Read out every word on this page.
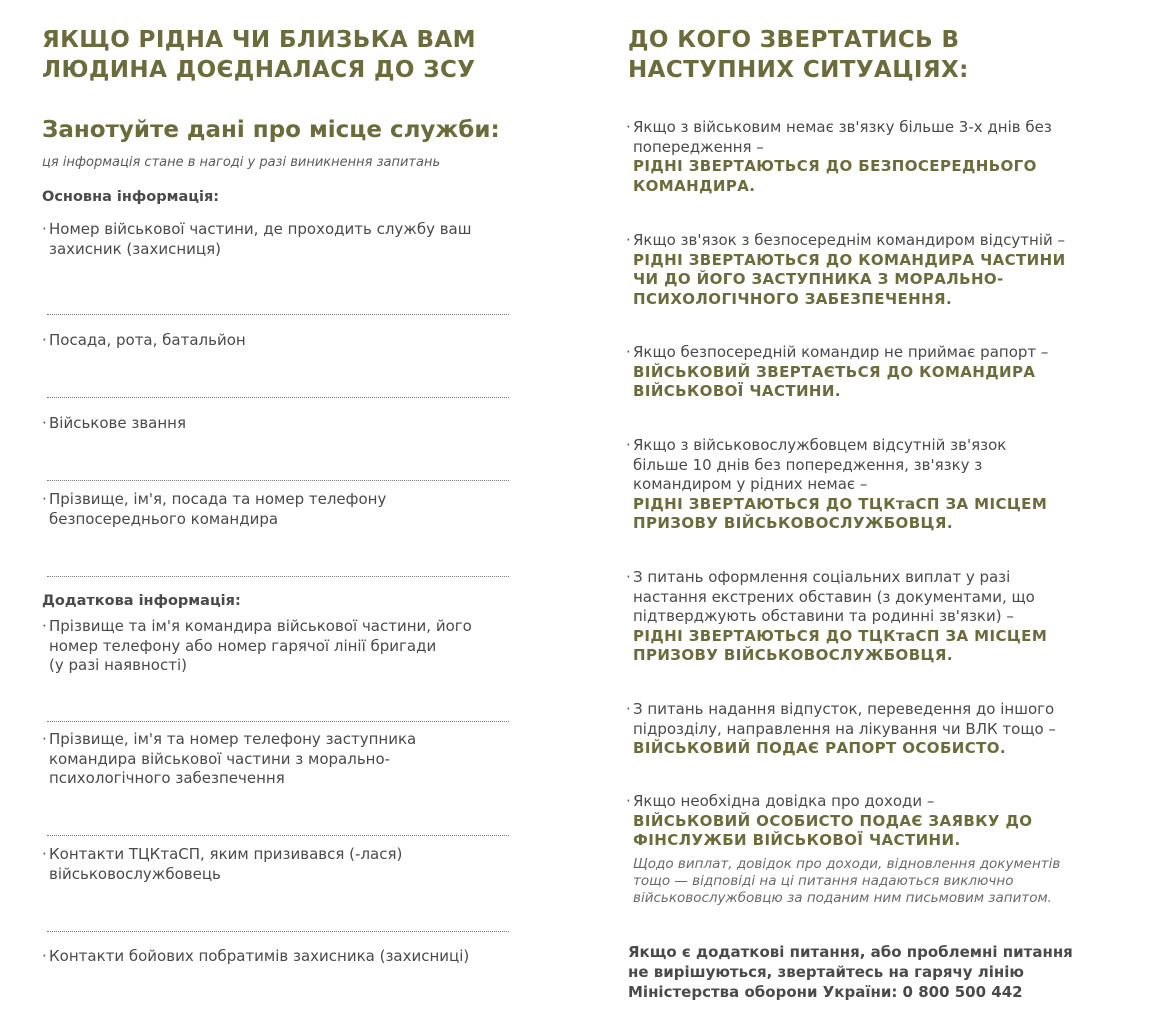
ЯКЩО РІДНА ЧИ БЛИЗЬКА ВАМ
ЛЮДИНА ДОЄДНАЛАСЯ ДО ЗСУ
Занотуйте дані про місце служби:

ця інформація стане в нагоді у разі виникнення запитань

Основна інформація:

· Номер військової частини, де проходить службу ваш
захисник (захисниця)

· Посада, рота, батальйон

· Військове звання

· Прізвище, ім'я, посада та номер телефону
безпосереднього командира

Додаткова інформація:

· Прізвище та ім'я командира військової частини, його
номер телефону або номер гарячої лінії бригади
(у разі наявності)

· Прізвище, ім'я та номер телефону заступника
командира військової частини з морально-
психологічного забезпечення

· Контакти ТЦКтаСП, яким призивався (-лася)
військовослужбовець

· Контакти бойових побратимів захисника (захисниці)

ДО КОГО ЗВЕРТАТИСЬ В
НАСТУПНИХ СИТУАЦІЯХ:
· Якщо з військовим немає зв'язку більше 3-х днів без
попередження –

РІДНІ ЗВЕРТАЮТЬСЯ ДО БЕЗПОСЕРЕДНЬОГО
КОМАНДИРА.

· Якщо зв'язок з безпосереднім командиром відсутній –

РІДНІ ЗВЕРТАЮТЬСЯ ДО КОМАНДИРА ЧАСТИНИ
ЧИ ДО ЙОГО ЗАСТУПНИКА З МОРАЛЬНО-
ПСИХОЛОГІЧНОГО ЗАБЕЗПЕЧЕННЯ.

· Якщо безпосередній командир не приймає рапорт –

ВІЙСЬКОВИЙ ЗВЕРТАЄТЬСЯ ДО КОМАНДИРА
ВІЙСЬКОВОЇ ЧАСТИНИ.

· Якщо з військовослужбовцем відсутній зв'язок
більше 10 днів без попередження, зв'язку з
командиром у рідних немає –

РІДНІ ЗВЕРТАЮТЬСЯ ДО ТЦКтаСП ЗА МІСЦЕМ
ПРИЗОВУ ВІЙСЬКОВОСЛУЖБОВЦЯ.

· З питань оформлення соціальних виплат у разі
настання екстрених обставин (з документами, що
підтверджують обставини та родинні зв'язки) –

РІДНІ ЗВЕРТАЮТЬСЯ ДО ТЦКтаСП ЗА МІСЦЕМ
ПРИЗОВУ ВІЙСЬКОВОСЛУЖБОВЦЯ.

· З питань надання відпусток, переведення до іншого
підрозділу, направлення на лікування чи ВЛК тощо –

ВІЙСЬКОВИЙ ПОДАЄ РАПОРТ ОСОБИСТО.

· Якщо необхідна довідка про доходи –

ВІЙСЬКОВИЙ ОСОБИСТО ПОДАЄ ЗАЯВКУ ДО
ФІНСЛУЖБИ ВІЙСЬКОВОЇ ЧАСТИНИ.

Щодо виплат, довідок про доходи, відновлення документів
тощо — відповіді на ці питання надаються виключно
військовослужбовцю за поданим ним письмовим запитом.

Якщо є додаткові питання, або проблемні питання
не вирішуються, звертайтесь на гарячу лінію
Міністерства оборони України: 0 800 500 442
